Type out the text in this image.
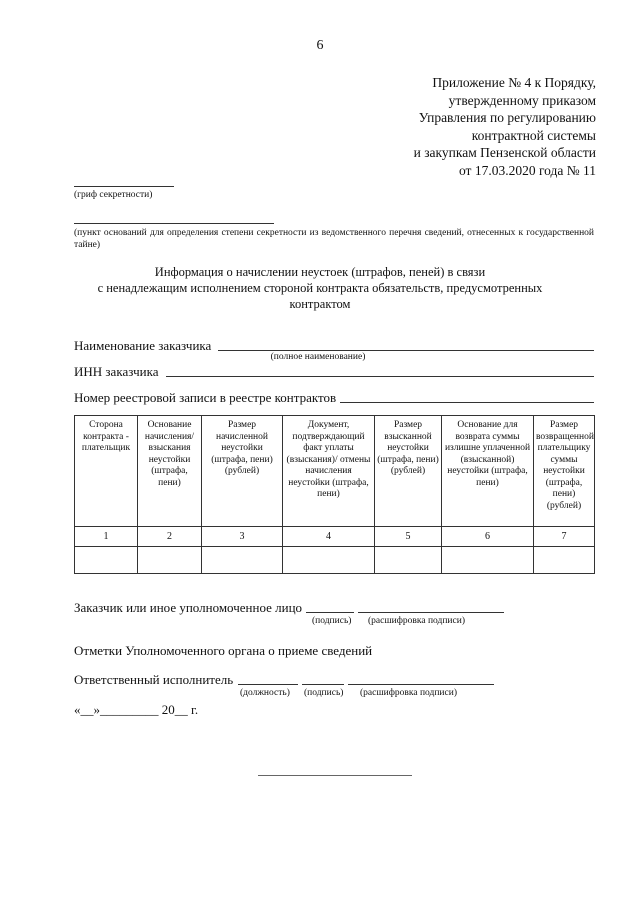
6
Приложение № 4 к Порядку,
утвержденному приказом
Управления по регулированию
контрактной системы
и закупкам Пензенской области
от 17.03.2020 года № 11
(гриф секретности)
(пункт оснований для определения степени секретности из ведомственного перечня сведений, отнесенных к государственной тайне)
Информация о начислении неустоек (штрафов, пеней) в связи
с ненадлежащим исполнением стороной контракта обязательств, предусмотренных
контрактом
Наименование заказчика
(полное наименование)
ИНН заказчика
Номер реестровой записи в реестре контрактов
Сторона контракта - плательщик	Основание начисления/ взыскания неустойки (штрафа, пени)	Размер начисленной неустойки (штрафа, пени) (рублей)	Документ, подтверждающий факт уплаты (взыскания)/ отмены начисления неустойки (штрафа, пени)	Размер взысканной неустойки (штрафа, пени) (рублей)	Основание для возврата суммы излишне уплаченной (взысканной) неустойки (штрафа, пени)	Размер возвращенной плательщику суммы неустойки (штрафа, пени) (рублей)
1	2	3	4	5	6	7

Заказчик или иное уполномоченное лицо
(подпись) (расшифровка подписи)
Отметки Уполномоченного органа о приеме сведений
Ответственный исполнитель
(должность) (подпись) (расшифровка подписи)
«__»_________ 20__ г.
